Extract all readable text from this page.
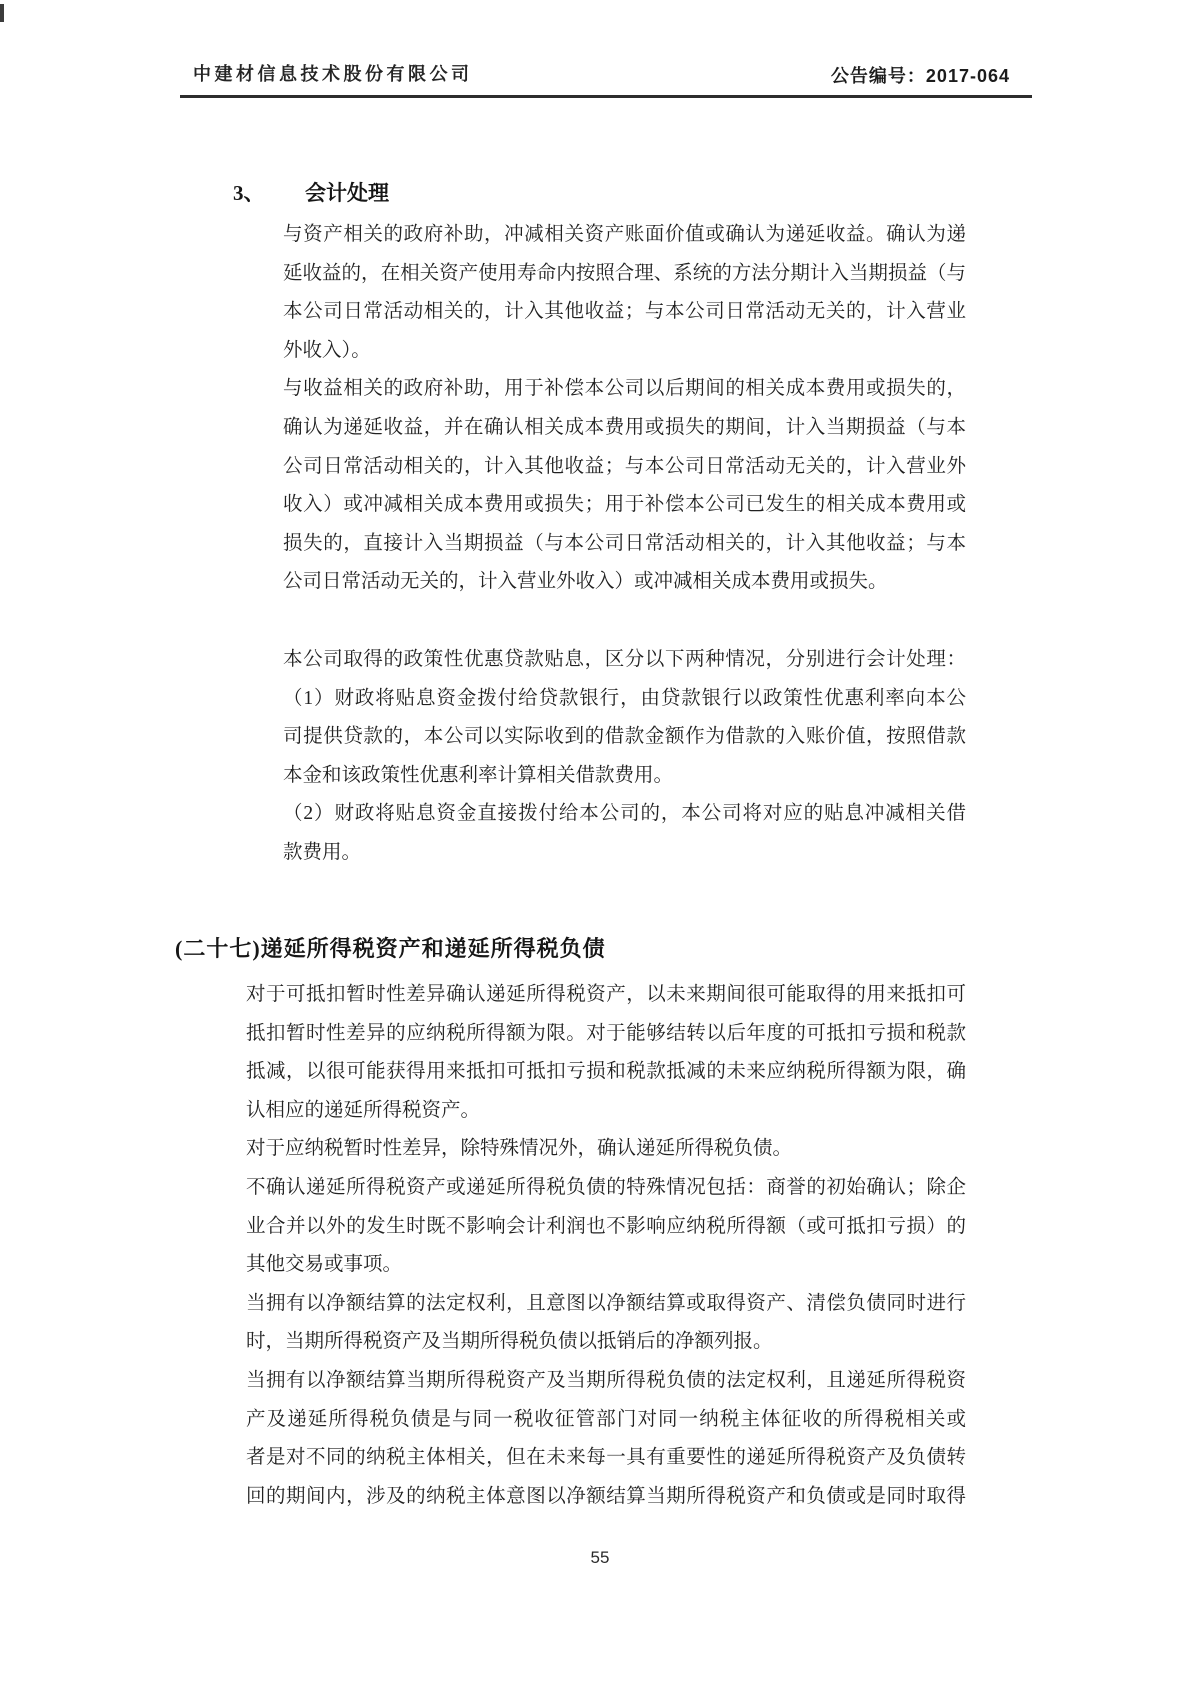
中建材信息技术股份有限公司	公告编号：2017-064
3、 会计处理
与资产相关的政府补助，冲减相关资产账面价值或确认为递延收益。确认为递
延收益的，在相关资产使用寿命内按照合理、系统的方法分期计入当期损益（与
本公司日常活动相关的，计入其他收益；与本公司日常活动无关的，计入营业
外收入）。
与收益相关的政府补助，用于补偿本公司以后期间的相关成本费用或损失的，
确认为递延收益，并在确认相关成本费用或损失的期间，计入当期损益（与本
公司日常活动相关的，计入其他收益；与本公司日常活动无关的，计入营业外
收入）或冲减相关成本费用或损失；用于补偿本公司已发生的相关成本费用或
损失的，直接计入当期损益（与本公司日常活动相关的，计入其他收益；与本
公司日常活动无关的，计入营业外收入）或冲减相关成本费用或损失。
本公司取得的政策性优惠贷款贴息，区分以下两种情况，分别进行会计处理：
（1）财政将贴息资金拨付给贷款银行，由贷款银行以政策性优惠利率向本公
司提供贷款的，本公司以实际收到的借款金额作为借款的入账价值，按照借款
本金和该政策性优惠利率计算相关借款费用。
（2）财政将贴息资金直接拨付给本公司的，本公司将对应的贴息冲减相关借
款费用。
(二十七)递延所得税资产和递延所得税负债
对于可抵扣暂时性差异确认递延所得税资产，以未来期间很可能取得的用来抵扣可
抵扣暂时性差异的应纳税所得额为限。对于能够结转以后年度的可抵扣亏损和税款
抵减，以很可能获得用来抵扣可抵扣亏损和税款抵减的未来应纳税所得额为限，确
认相应的递延所得税资产。
对于应纳税暂时性差异，除特殊情况外，确认递延所得税负债。
不确认递延所得税资产或递延所得税负债的特殊情况包括：商誉的初始确认；除企
业合并以外的发生时既不影响会计利润也不影响应纳税所得额（或可抵扣亏损）的
其他交易或事项。
当拥有以净额结算的法定权利，且意图以净额结算或取得资产、清偿负债同时进行
时，当期所得税资产及当期所得税负债以抵销后的净额列报。
当拥有以净额结算当期所得税资产及当期所得税负债的法定权利，且递延所得税资
产及递延所得税负债是与同一税收征管部门对同一纳税主体征收的所得税相关或
者是对不同的纳税主体相关，但在未来每一具有重要性的递延所得税资产及负债转
回的期间内，涉及的纳税主体意图以净额结算当期所得税资产和负债或是同时取得
55
